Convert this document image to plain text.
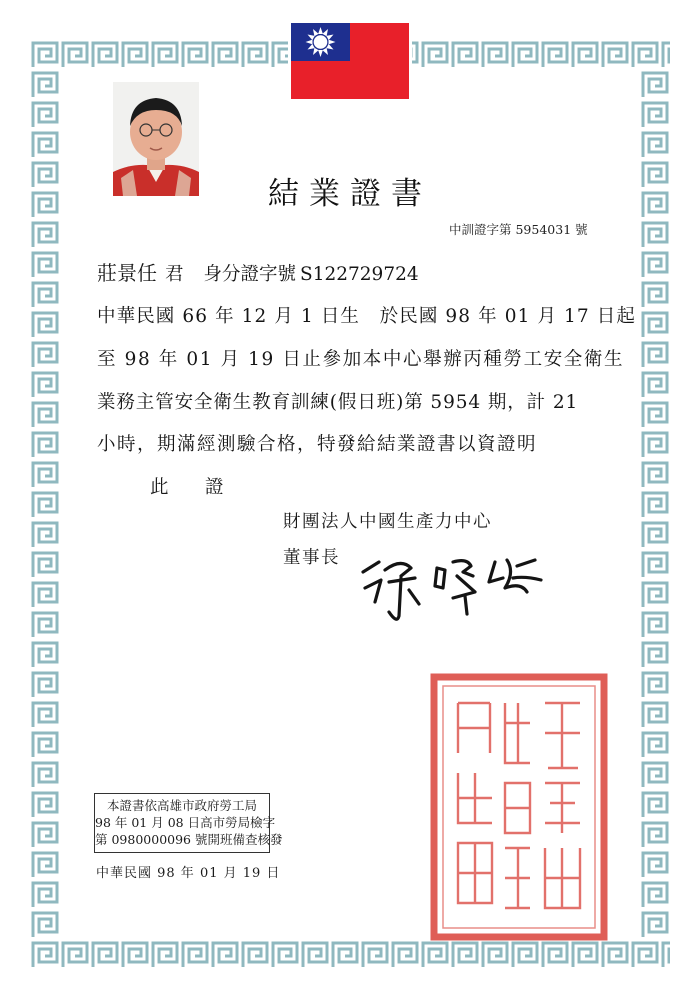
結業證書
中訓證字第 5954031 號
莊景任 君 身分證字號 S122729724
中華民國 66 年 12 月 1 日生　於民國 98 年 01 月 17 日起
至 98 年 01 月 19 日止參加本中心舉辦丙種勞工安全衛生
業務主管安全衛生教育訓練(假日班)第 5954 期，計 21
小時，期滿經測驗合格，特發給結業證書以資證明
此 證
財團法人中國生產力中心
董事長
本證書依高雄市政府勞工局
98 年 01 月 08 日高市勞局檢字
第 0980000096 號開班備查核發
中華民國 98 年 01 月 19 日
